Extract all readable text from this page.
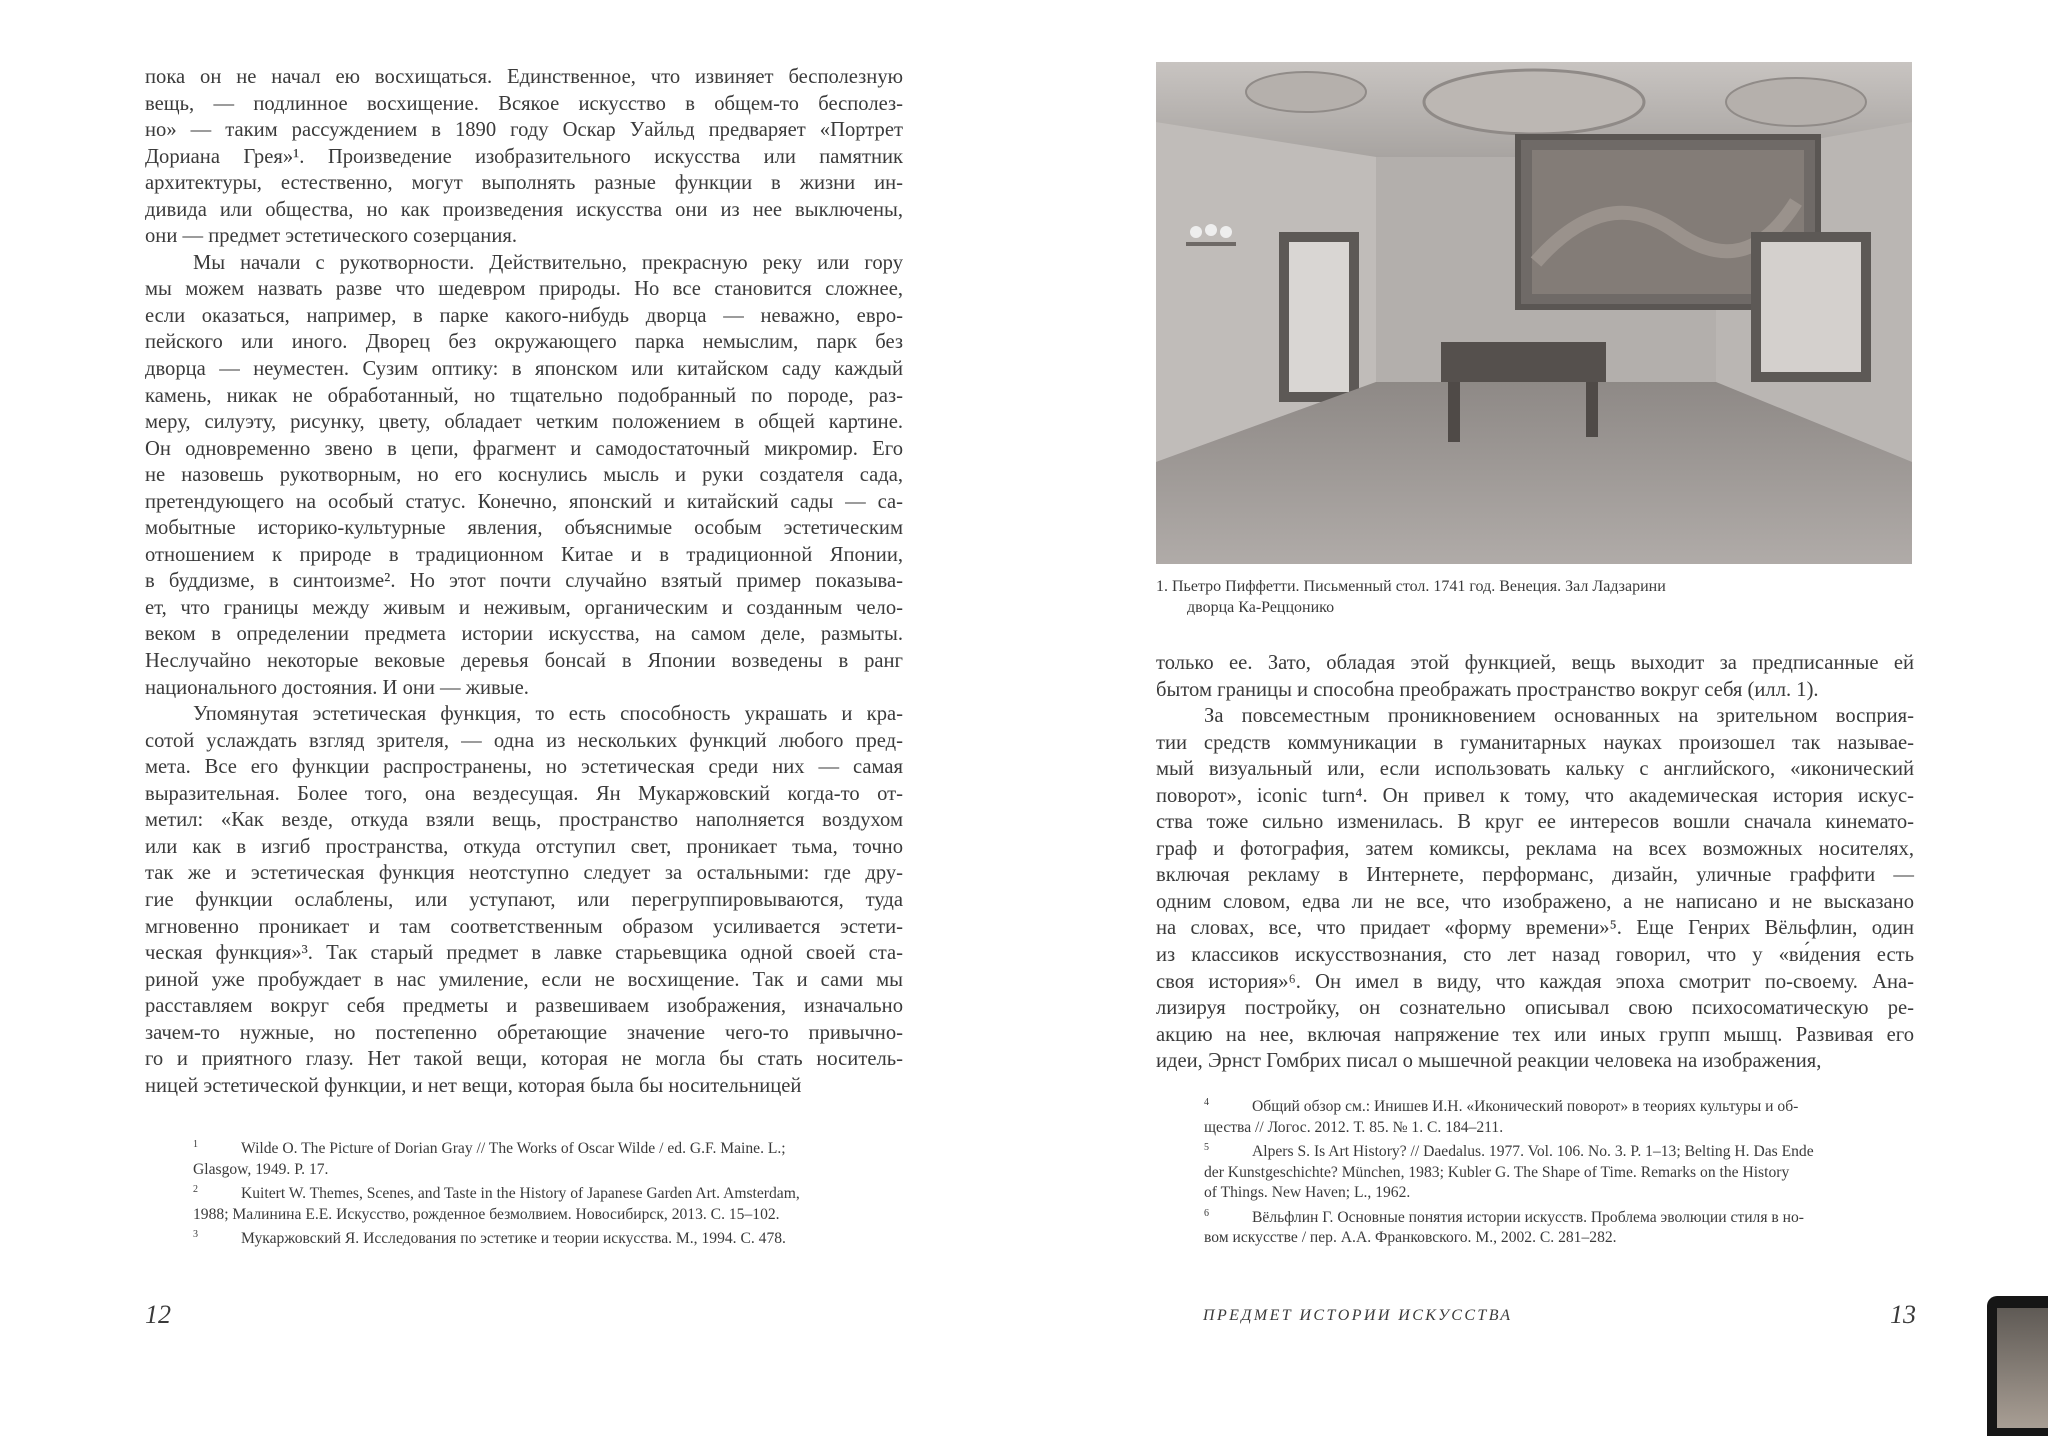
пока он не начал ею восхищаться. Единственное, что извиняет бесполезную
вещь, — подлинное восхищение. Всякое искусство в общем-то бесполез-
но» — таким рассуждением в 1890 году Оскар Уайльд предваряет «Портрет
Дориана Грея»¹. Произведение изобразительного искусства или памятник
архитектуры, естественно, могут выполнять разные функции в жизни ин-
дивида или общества, но как произведения искусства они из нее выключены,
они — предмет эстетического созерцания.
Мы начали с рукотворности. Действительно, прекрасную реку или гору
мы можем назвать разве что шедевром природы. Но все становится сложнее,
если оказаться, например, в парке какого-нибудь дворца — неважно, евро-
пейского или иного. Дворец без окружающего парка немыслим, парк без
дворца — неуместен. Сузим оптику: в японском или китайском саду каждый
камень, никак не обработанный, но тщательно подобранный по породе, раз-
меру, силуэту, рисунку, цвету, обладает четким положением в общей картине.
Он одновременно звено в цепи, фрагмент и самодостаточный микромир. Его
не назовешь рукотворным, но его коснулись мысль и руки создателя сада,
претендующего на особый статус. Конечно, японский и китайский сады — са-
мобытные историко-культурные явления, объяснимые особым эстетическим
отношением к природе в традиционном Китае и в традиционной Японии,
в буддизме, в синтоизме². Но этот почти случайно взятый пример показыва-
ет, что границы между живым и неживым, органическим и созданным чело-
веком в определении предмета истории искусства, на самом деле, размыты.
Неслучайно некоторые вековые деревья бонсай в Японии возведены в ранг
национального достояния. И они — живые.
Упомянутая эстетическая функция, то есть способность украшать и кра-
сотой услаждать взгляд зрителя, — одна из нескольких функций любого пред-
мета. Все его функции распространены, но эстетическая среди них — самая
выразительная. Более того, она вездесущая. Ян Мукаржовский когда-то от-
метил: «Как везде, откуда взяли вещь, пространство наполняется воздухом
или как в изгиб пространства, откуда отступил свет, проникает тьма, точно
так же и эстетическая функция неотступно следует за остальными: где дру-
гие функции ослаблены, или уступают, или перегруппировываются, туда
мгновенно проникает и там соответственным образом усиливается эстети-
ческая функция»³. Так старый предмет в лавке старьевщика одной своей ста-
риной уже пробуждает в нас умиление, если не восхищение. Так и сами мы
расставляем вокруг себя предметы и развешиваем изображения, изначально
зачем-то нужные, но постепенно обретающие значение чего-то привычно-
го и приятного глазу. Нет такой вещи, которая не могла бы стать носитель-
ницей эстетической функции, и нет вещи, которая была бы носительницей
$^1$	Wilde O. The Picture of Dorian Gray // The Works of Oscar Wilde / ed. G.F. Maine. L.;
Glasgow, 1949. P. 17.
$^2$	Kuitert W. Themes, Scenes, and Taste in the History of Japanese Garden Art. Amsterdam,
1988; Малинина Е.Е. Искусство, рожденное безмолвием. Новосибирск, 2013. С. 15–102.
$^3$	Мукаржовский Я. Исследования по эстетике и теории искусства. М., 1994. С. 478.
12
1. Пьетро Пиффетти. Письменный стол. 1741 год. Венеция. Зал Ладзарини
дворца Ка-Реццонико
только ее. Зато, обладая этой функцией, вещь выходит за предписанные ей
бытом границы и способна преображать пространство вокруг себя (илл. 1).
За повсеместным проникновением основанных на зрительном восприя-
тии средств коммуникации в гуманитарных науках произошел так называе-
мый визуальный или, если использовать кальку с английского, «иконический
поворот», iconic turn⁴. Он привел к тому, что академическая история искус-
ства тоже сильно изменилась. В круг ее интересов вошли сначала кинемато-
граф и фотография, затем комиксы, реклама на всех возможных носителях,
включая рекламу в Интернете, перформанс, дизайн, уличные граффити —
одним словом, едва ли не все, что изображено, а не написано и не высказано
на словах, все, что придает «форму времени»⁵. Еще Генрих Вёльфлин, один
из классиков искусствознания, сто лет назад говорил, что у «ви́дения есть
своя история»⁶. Он имел в виду, что каждая эпоха смотрит по-своему. Ана-
лизируя постройку, он сознательно описывал свою психосоматическую ре-
акцию на нее, включая напряжение тех или иных групп мышц. Развивая его
идеи, Эрнст Гомбрих писал о мышечной реакции человека на изображения,
$^4$	Общий обзор см.: Инишев И.Н. «Иконический поворот» в теориях культуры и об-
щества // Логос. 2012. Т. 85. № 1. С. 184–211.
$^5$	Alpers S. Is Art History? // Daedalus. 1977. Vol. 106. No. 3. P. 1–13; Belting H. Das Ende
der Kunstgeschichte? München, 1983; Kubler G. The Shape of Time. Remarks on the History
of Things. New Haven; L., 1962.
$^6$	Вёльфлин Г. Основные понятия истории искусств. Проблема эволюции стиля в но-
вом искусстве / пер. А.А. Франковского. М., 2002. С. 281–282.
ПРЕДМЕТ ИСТОРИИ ИСКУССТВА	13
